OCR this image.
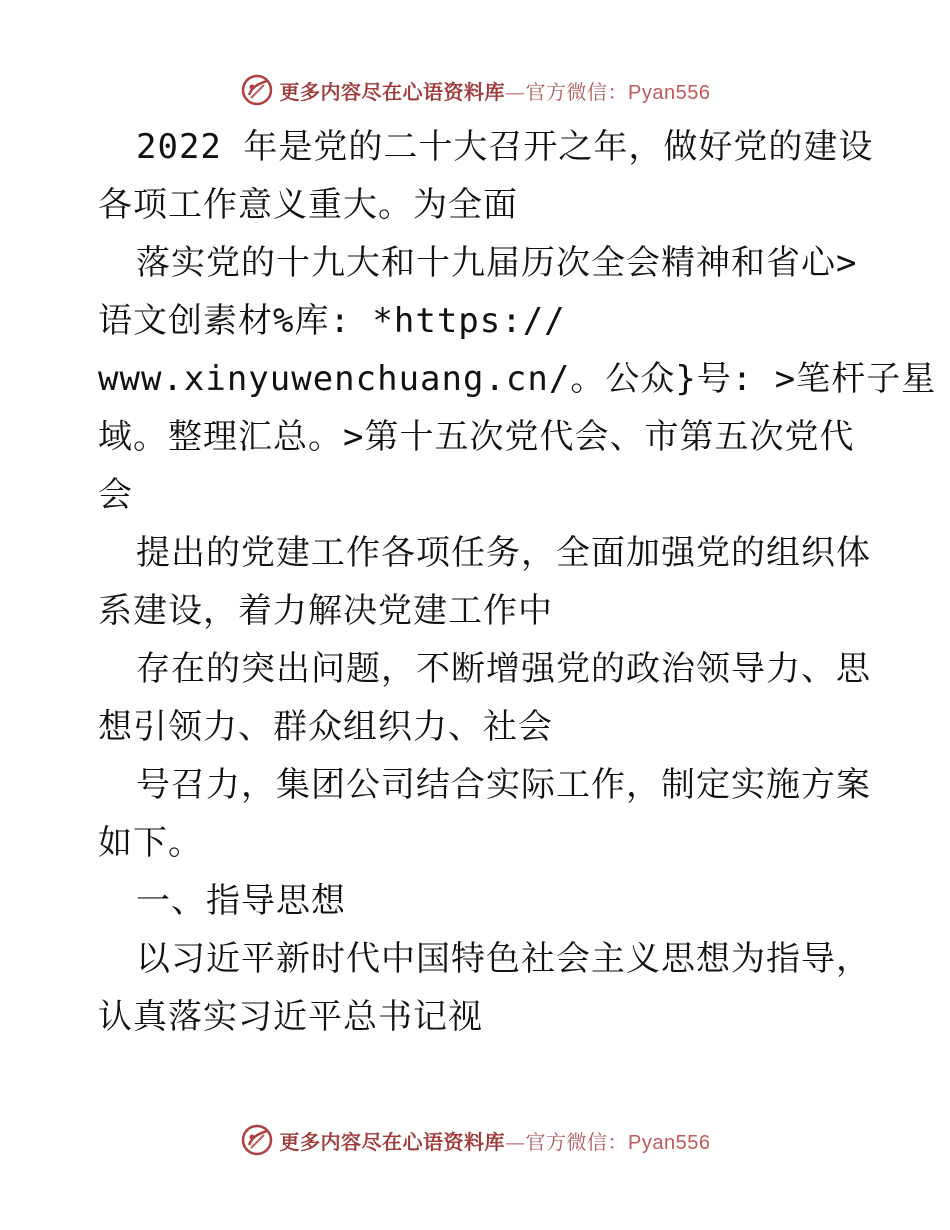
更多内容尽在心语资料库—官方微信：Pyan556
2022 年是党的二十大召开之年，做好党的建设
各项工作意义重大。为全面
落实党的十九大和十九届历次全会精神和省心>
语文创素材%库: *https://
www.xinyuwenchuang.cn/。公众}号: >笔杆子星
域。整理汇总。>第十五次党代会、市第五次党代
会
提出的党建工作各项任务，全面加强党的组织体
系建设，着力解决党建工作中
存在的突出问题，不断增强党的政治领导力、思
想引领力、群众组织力、社会
号召力，集团公司结合实际工作，制定实施方案
如下。
一、指导思想
以习近平新时代中国特色社会主义思想为指导，
认真落实习近平总书记视
更多内容尽在心语资料库—官方微信：Pyan556
